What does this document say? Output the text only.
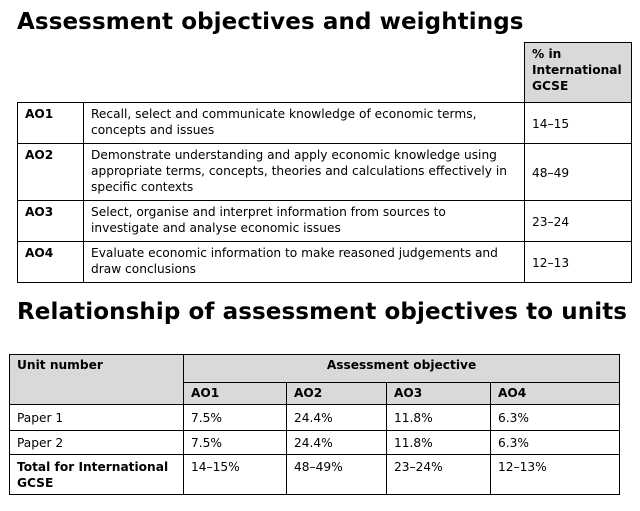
Assessment objectives and weightings
		% in International GCSE
AO1	Recall, select and communicate knowledge of economic terms, concepts and issues	14–15
AO2	Demonstrate understanding and apply economic knowledge using appropriate terms, concepts, theories and calculations effectively in specific contexts	48–49
AO3	Select, organise and interpret information from sources to investigate and analyse economic issues	23–24
AO4	Evaluate economic information to make reasoned judgements and draw conclusions	12–13
Relationship of assessment objectives to units
Unit number	Assessment objective			
	AO1	AO2	AO3	AO4
Paper 1	7.5%	24.4%	11.8%	6.3%
Paper 2	7.5%	24.4%	11.8%	6.3%
Total for International GCSE	14–15%	48–49%	23–24%	12–13%
